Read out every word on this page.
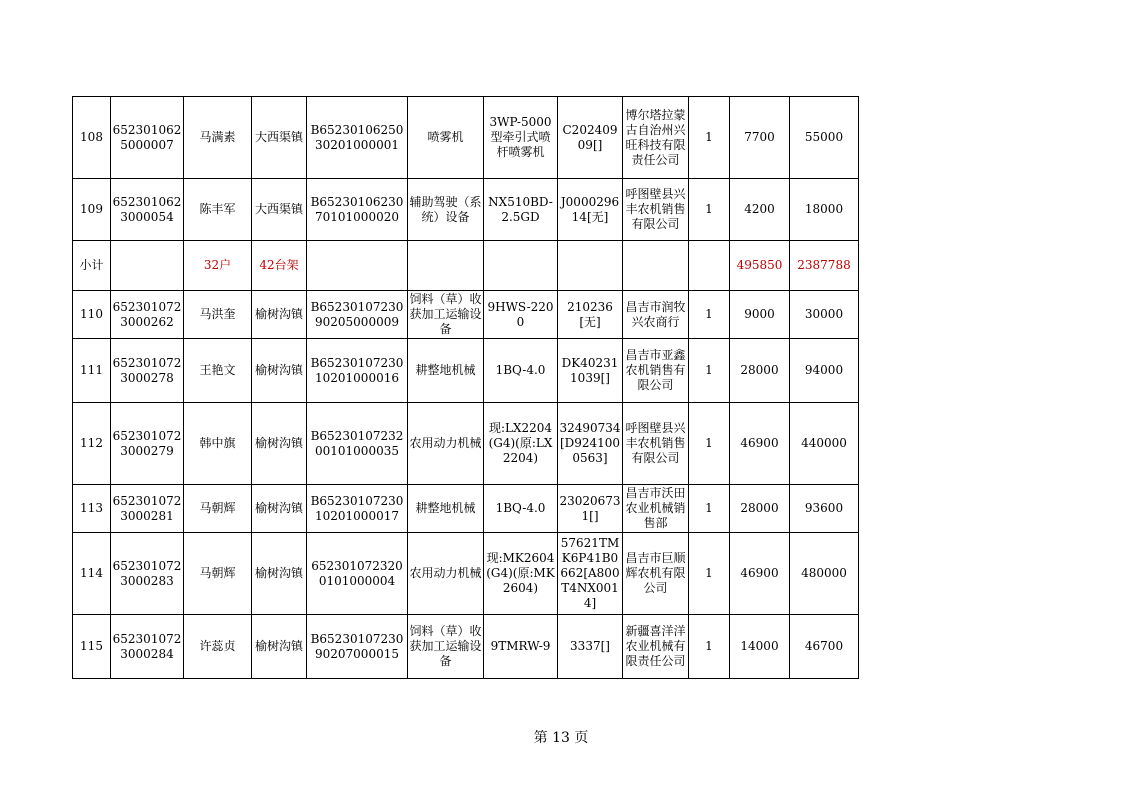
108	6523010625000007	马满素	大西渠镇	B6523010625030201000001	喷雾机	3WP-5000型牵引式喷杆喷雾机	C20240909[]	博尔塔拉蒙古自治州兴旺科技有限责任公司	1	7700	55000
109	6523010623000054	陈丰军	大西渠镇	B6523010623070101000020	辅助驾驶（系统）设备	NX510BD-2.5GD	J000029614[无]	呼图壁县兴丰农机销售有限公司	1	4200	18000
小计		32户	42台架							495850	2387788
110	6523010723000262	马洪奎	榆树沟镇	B6523010723090205000009	饲料（草）收获加工运输设备	9HWS-2200	210236[无]	昌吉市润牧兴农商行	1	9000	30000
111	6523010723000278	王艳文	榆树沟镇	B6523010723010201000016	耕整地机械	1BQ-4.0	DK402311039[]	昌吉市亚鑫农机销售有限公司	1	28000	94000
112	6523010723000279	韩中旗	榆树沟镇	B6523010723200101000035	农用动力机械	现:LX2204(G4)(原:LX2204)	32490734[D9241000563]	呼图壁县兴丰农机销售有限公司	1	46900	440000
113	6523010723000281	马朝辉	榆树沟镇	B6523010723010201000017	耕整地机械	1BQ-4.0	230206731[]	昌吉市沃田农业机械销售部	1	28000	93600
114	6523010723000283	马朝辉	榆树沟镇	6523010723200101000004	农用动力机械	现:MK2604(G4)(原:MK2604)	57621TMK6P41B0662[A800T4NX0014]	昌吉市巨顺辉农机有限公司	1	46900	480000
115	6523010723000284	许蕊贞	榆树沟镇	B6523010723090207000015	饲料（草）收获加工运输设备	9TMRW-9	3337[]	新疆喜洋洋农业机械有限责任公司	1	14000	46700
第 13 页
